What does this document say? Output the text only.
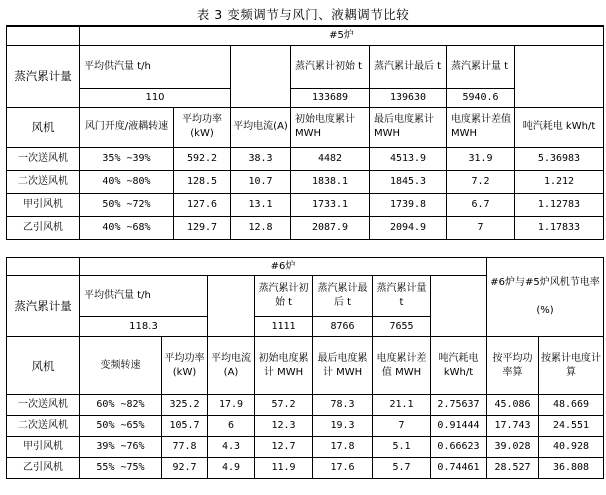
表 3 变频调节与风门、液耦调节比较
	#5炉						
蒸汽累计量	平均供汽量 t/h			蒸汽累计初始 t	蒸汽累计最后 t	蒸汽累计量 t	
	110			133689	139630	5940.6	
风机	风门开度/液耦转速	平均功率(kW)	平均电流(A)	初始电度累计 MWH	最后电度累计 MWH	电度累计差值 MWH	吨汽耗电 kWh/t
一次送风机	35% ~39%	592.2	38.3	4482	4513.9	31.9	5.36983
二次送风机	40% ~80%	128.5	10.7	1838.1	1845.3	7.2	1.212
甲引风机	50% ~72%	127.6	13.1	1733.1	1739.8	6.7	1.12783
乙引风机	40% ~68%	129.7	12.8	2087.9	2094.9	7	1.17833
	#6炉							#6炉与#5炉风机节电率

(%)	
蒸汽累计量	平均供汽量 t/h			蒸汽累计初始 t	蒸汽累计最后 t	蒸汽累计量 t			
	118.3			1111	8766	7655			
风机	变频转速	平均功率(kW)	平均电流(A)	初始电度累计 MWH	最后电度累计 MWH	电度累计差值 MWH	吨汽耗电 kWh/t	按平均功率算	按累计电度计算
一次送风机	60% ~82%	325.2	17.9	57.2	78.3	21.1	2.75637	45.086	48.669
二次送风机	50% ~65%	105.7	6	12.3	19.3	7	0.91444	17.743	24.551
甲引风机	39% ~76%	77.8	4.3	12.7	17.8	5.1	0.66623	39.028	40.928
乙引风机	55% ~75%	92.7	4.9	11.9	17.6	5.7	0.74461	28.527	36.808
